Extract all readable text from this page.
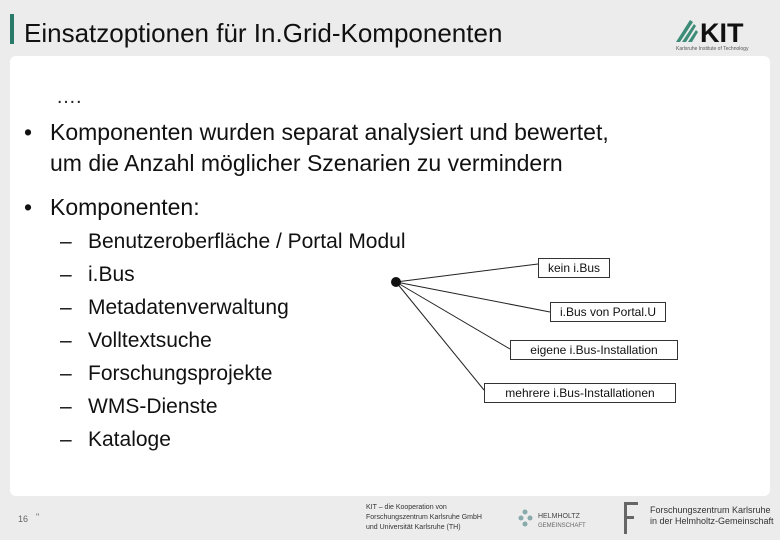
Einsatzoptionen für In.Grid-Komponenten	KIT
Karlsruhe Institute of Technology
….
• Komponenten wurden separat analysiert und bewertet,
um die Anzahl möglicher Szenarien zu vermindern
• Komponenten:
– Benutzeroberfläche / Portal Modul
– i.Bus
– Metadatenverwaltung
– Volltextsuche
– Forschungsprojekte
– WMS-Dienste
– Kataloge
kein i.Bus
i.Bus von Portal.U
eigene i.Bus-Installation
mehrere i.Bus-Installationen
16 "
KIT – die Kooperation von
Forschungszentrum Karlsruhe GmbH
und Universität Karlsruhe (TH)
HELMHOLTZ
GEMEINSCHAFT
Forschungszentrum Karlsruhe
in der Helmholtz-Gemeinschaft
